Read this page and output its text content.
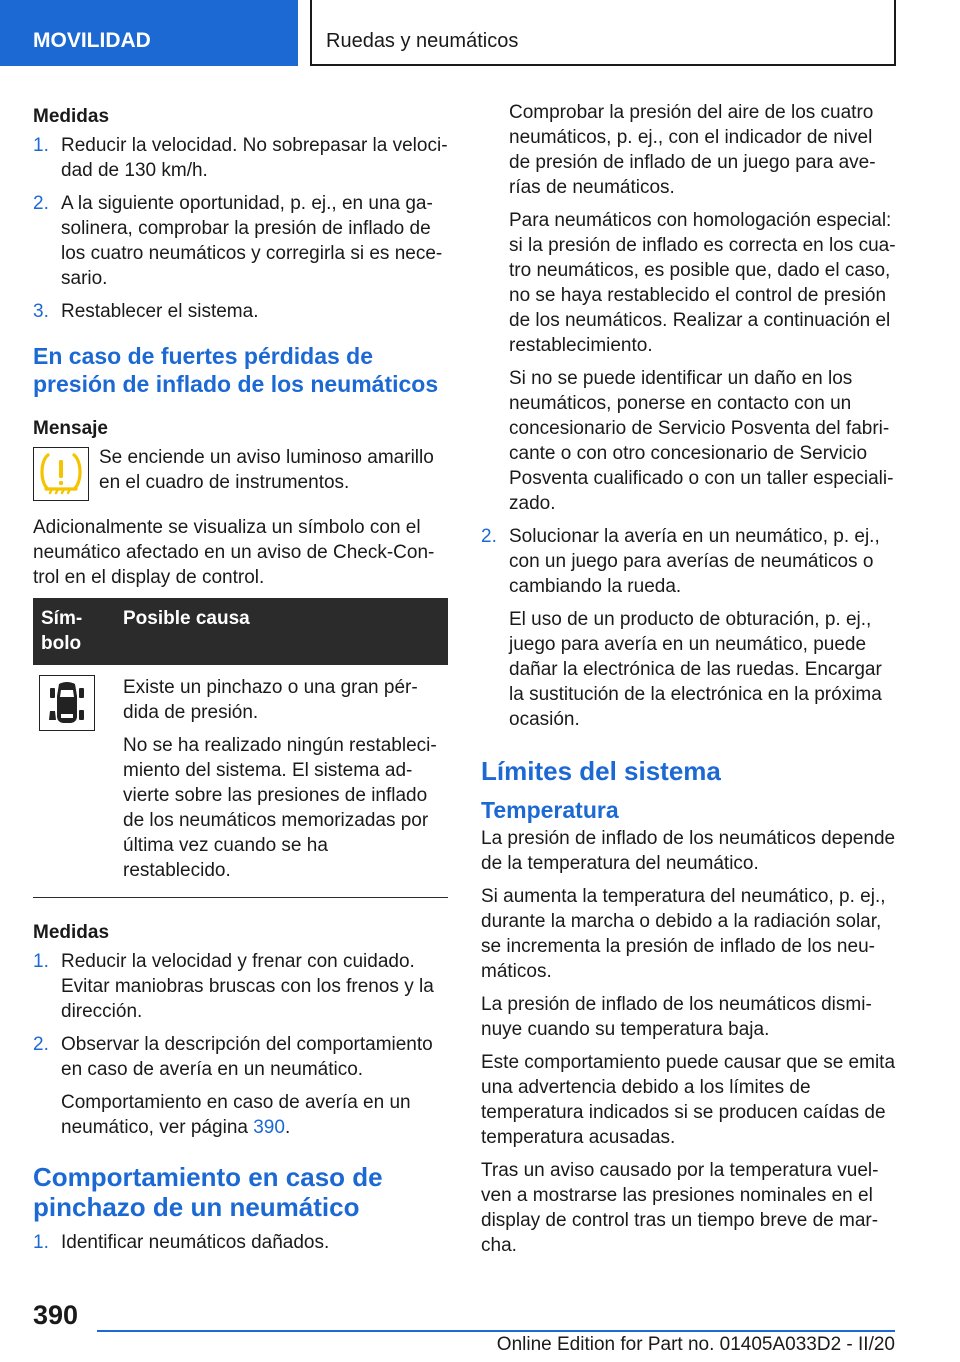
MOVILIDAD	Ruedas y neumáticos
Medidas
1. Reducir la velocidad. No sobrepasar la velocidad de 130 km/h.
2. A la siguiente oportunidad, p. ej., en una gasolinera, comprobar la presión de inflado de los cuatro neumáticos y corregirla si es necesario.
3. Restablecer el sistema.
En caso de fuertes pérdidas de presión de inflado de los neumáticos
Mensaje
Se enciende un aviso luminoso amarillo en el cuadro de instrumentos.

Adicionalmente se visualiza un símbolo con el neumático afectado en un aviso de Check-Control en el display de control.

Símbolo	Posible causa

Existe un pinchazo o una gran pérdida de presión.

No se ha realizado ningún restablecimiento del sistema. El sistema advierte sobre las presiones de inflado de los neumáticos memorizadas por última vez cuando se ha restablecido.

Medidas
1. Reducir la velocidad y frenar con cuidado. Evitar maniobras bruscas con los frenos y la dirección.
2. Observar la descripción del comportamiento en caso de avería en un neumático.
Comportamiento en caso de avería en un neumático, ver página 390.
Comportamiento en caso de pinchazo de un neumático
1. Identificar neumáticos dañados.

Comprobar la presión del aire de los cuatro neumáticos, p. ej., con el indicador de nivel de presión de inflado de un juego para averías de neumáticos.

Para neumáticos con homologación especial: si la presión de inflado es correcta en los cuatro neumáticos, es posible que, dado el caso, no se haya restablecido el control de presión de los neumáticos. Realizar a continuación el restablecimiento.

Si no se puede identificar un daño en los neumáticos, ponerse en contacto con un concesionario de Servicio Posventa del fabricante o con otro concesionario de Servicio Posventa cualificado o con un taller especializado.

2. Solucionar la avería en un neumático, p. ej., con un juego para averías de neumáticos o cambiando la rueda.
El uso de un producto de obturación, p. ej., juego para avería en un neumático, puede dañar la electrónica de las ruedas. Encargar la sustitución de la electrónica en la próxima ocasión.
Límites del sistema
Temperatura

La presión de inflado de los neumáticos depende de la temperatura del neumático.

Si aumenta la temperatura del neumático, p. ej., durante la marcha o debido a la radiación solar, se incrementa la presión de inflado de los neumáticos.

La presión de inflado de los neumáticos disminuye cuando su temperatura baja.

Este comportamiento puede causar que se emita una advertencia debido a los límites de temperatura indicados si se producen caídas de temperatura acusadas.

Tras un aviso causado por la temperatura vuelven a mostrarse las presiones nominales en el display de control tras un tiempo breve de marcha.

390
Online Edition for Part no. 01405A033D2 - II/20
